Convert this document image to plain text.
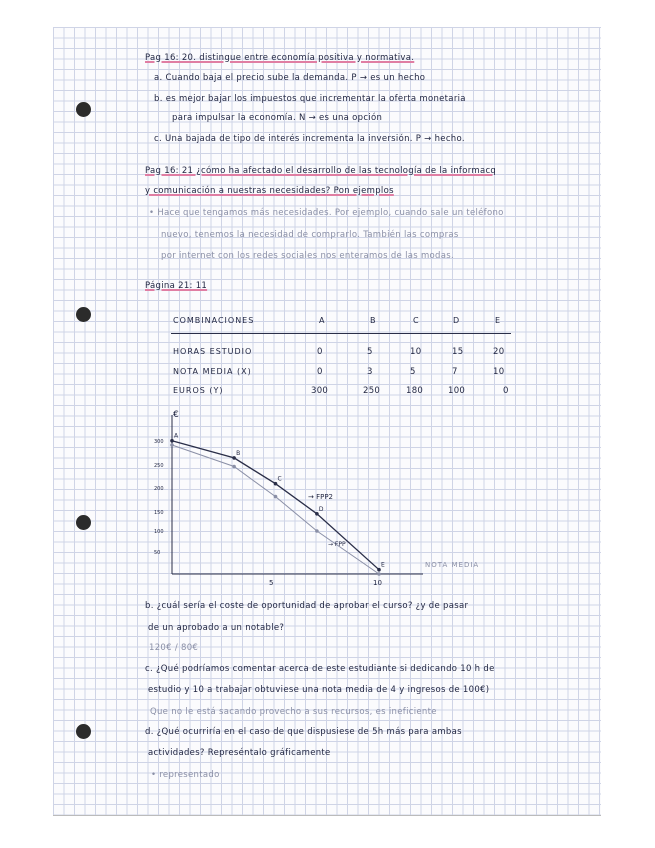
Pag 16: 20. distingue entre economía positiva y normativa.
a. Cuando baja el precio sube la demanda. P → es un hecho
b. es mejor bajar los impuestos que incrementar la oferta monetaria
para impulsar la economía. N → es una opción
c. Una bajada de tipo de interés incrementa la inversión. P → hecho.
Pag 16: 21 ¿cómo ha afectado el desarrollo de las tecnología de la informacq
y comunicación a nuestras necesidades? Pon ejemplos
• Hace que tengamos más necesidades. Por ejemplo, cuando sale un teléfono
nuevo, tenemos la necesidad de comprarlo. También las compras
por internet con los redes sociales nos enteramos de las modas.
Página 21: 11
COMBINACIONES	A	B	C	D	E
HORAS ESTUDIO	0	5	10	15	20
NOTA MEDIA (X)	0	3	5	7	10
EUROS (Y)	300	250	180	100	0
€
NOTA MEDIA
5	10
300
250
200
150
100
50
A
B
C
D
E
→ FPP2
→ FPP
b. ¿cuál sería el coste de oportunidad de aprobar el curso? ¿y de pasar
de un aprobado a un notable?
120€ / 80€
c. ¿Qué podríamos comentar acerca de este estudiante si dedicando 10 h de
estudio y 10 a trabajar obtuviese una nota media de 4 y ingresos de 100€)
Que no le está sacando provecho a sus recursos, es ineficiente
d. ¿Qué ocurriría en el caso de que dispusiese de 5h más para ambas
actividades? Represéntalo gráficamente
• representado
